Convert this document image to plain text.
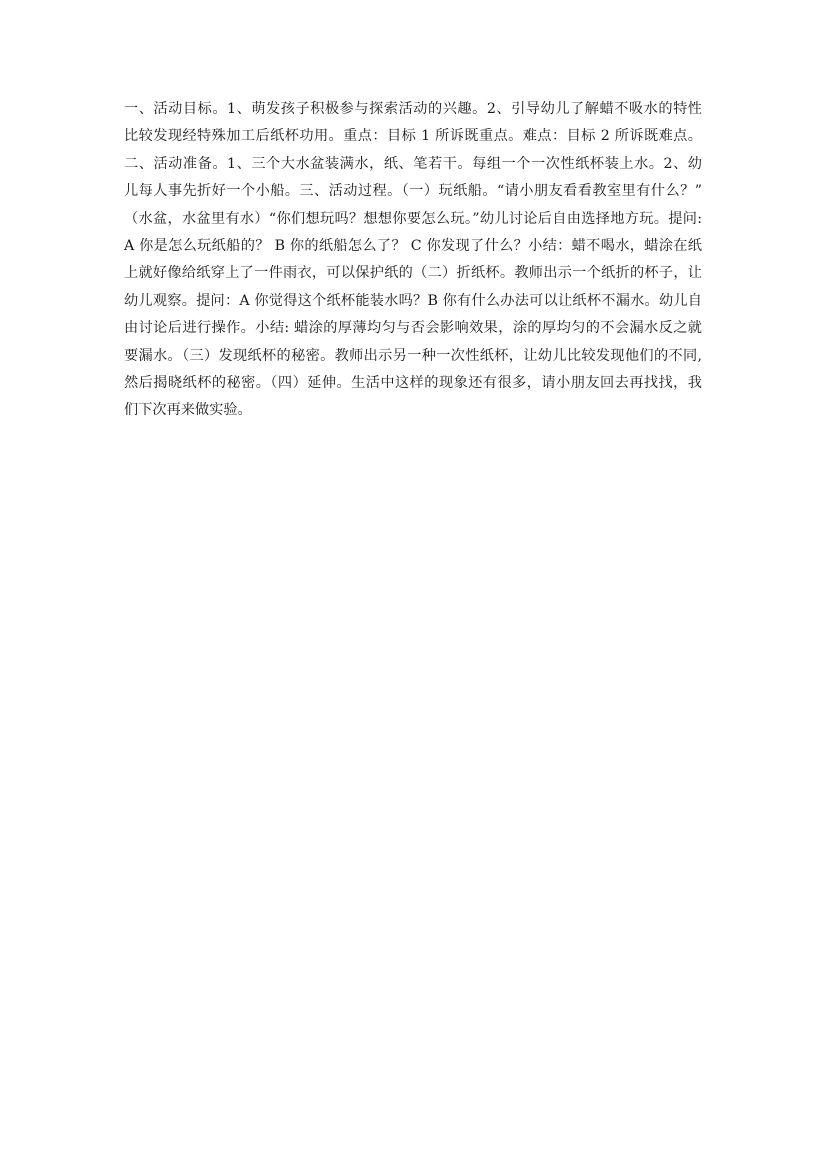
一、活动目标。1、萌发孩子积极参与探索活动的兴趣。2、引导幼儿了解蜡不吸水的特性
比较发现经特殊加工后纸杯功用。重点：目标 1 所诉既重点。难点：目标 2 所诉既难点。
二、活动准备。1、三个大水盆装满水，纸、笔若干。每组一个一次性纸杯装上水。2、幼
儿每人事先折好一个小船。三、活动过程。（一）玩纸船。“请小朋友看看教室里有什么？”
（水盆，水盆里有水）“你们想玩吗？想想你要怎么玩。”幼儿讨论后自由选择地方玩。提问:
A 你是怎么玩纸船的？ B 你的纸船怎么了？ C 你发现了什么？小结：蜡不喝水，蜡涂在纸
上就好像给纸穿上了一件雨衣，可以保护纸的（二）折纸杯。教师出示一个纸折的杯子，让
幼儿观察。提问：A 你觉得这个纸杯能装水吗？B 你有什么办法可以让纸杯不漏水。幼儿自
由讨论后进行操作。小结: 蜡涂的厚薄均匀与否会影响效果，涂的厚均匀的不会漏水反之就
要漏水。（三）发现纸杯的秘密。教师出示另一种一次性纸杯，让幼儿比较发现他们的不同,
然后揭晓纸杯的秘密。（四）延伸。生活中这样的现象还有很多，请小朋友回去再找找，我
们下次再来做实验。
